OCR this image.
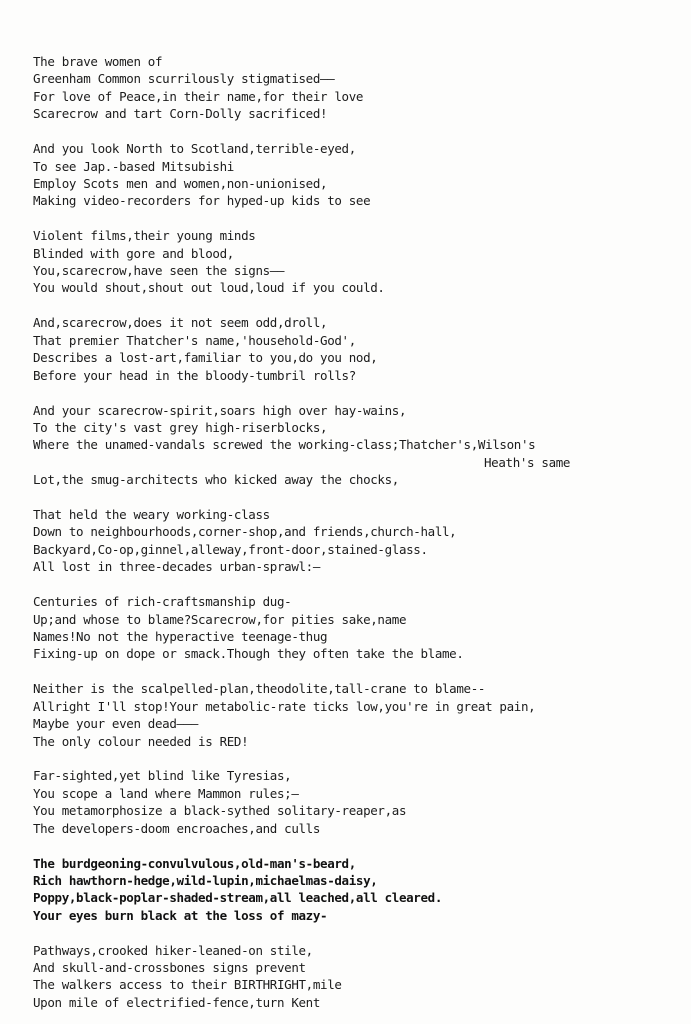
The brave women of
Greenham Common scurrilously stigmatised——
For love of Peace,in their name,for their love
Scarecrow and tart Corn-Dolly sacrificed!
And you look North to Scotland,terrible-eyed,
To see Jap.-based Mitsubishi
Employ Scots men and women,non-unionised,
Making video-recorders for hyped-up kids to see
Violent films,their young minds
Blinded with gore and blood,
You,scarecrow,have seen the signs——
You would shout,shout out loud,loud if you could.
And,scarecrow,does it not seem odd,droll,
That premier Thatcher's name,'household-God',
Describes a lost-art,familiar to you,do you nod,
Before your head in the bloody-tumbril rolls?
And your scarecrow-spirit,soars high over hay-wains,
To the city's vast grey high-riserblocks,
Where the unamed-vandals screwed the working-class;Thatcher's,Wilson's
Heath's same
Lot,the smug-architects who kicked away the chocks,
That held the weary working-class
Down to neighbourhoods,corner-shop,and friends,church-hall,
Backyard,Co-op,ginnel,alleway,front-door,stained-glass.
All lost in three-decades urban-sprawl:—
Centuries of rich-craftsmanship dug-
Up;and whose to blame?Scarecrow,for pities sake,name
Names!No not the hyperactive teenage-thug
Fixing-up on dope or smack.Though they often take the blame.
Neither is the scalpelled-plan,theodolite,tall-crane to blame--
Allright I'll stop!Your metabolic-rate ticks low,you're in great pain,
Maybe your even dead———
The only colour needed is RED!
Far-sighted,yet blind like Tyresias,
You scope a land where Mammon rules;—
You metamorphosize a black-sythed solitary-reaper,as
The developers-doom encroaches,and culls
The burdgeoning-convulvulous,old-man's-beard,
Rich hawthorn-hedge,wild-lupin,michaelmas-daisy,
Poppy,black-poplar-shaded-stream,all leached,all cleared.
Your eyes burn black at the loss of mazy-
Pathways,crooked hiker-leaned-on stile,
And skull-and-crossbones signs prevent
The walkers access to their BIRTHRIGHT,mile
Upon mile of electrified-fence,turn Kent
